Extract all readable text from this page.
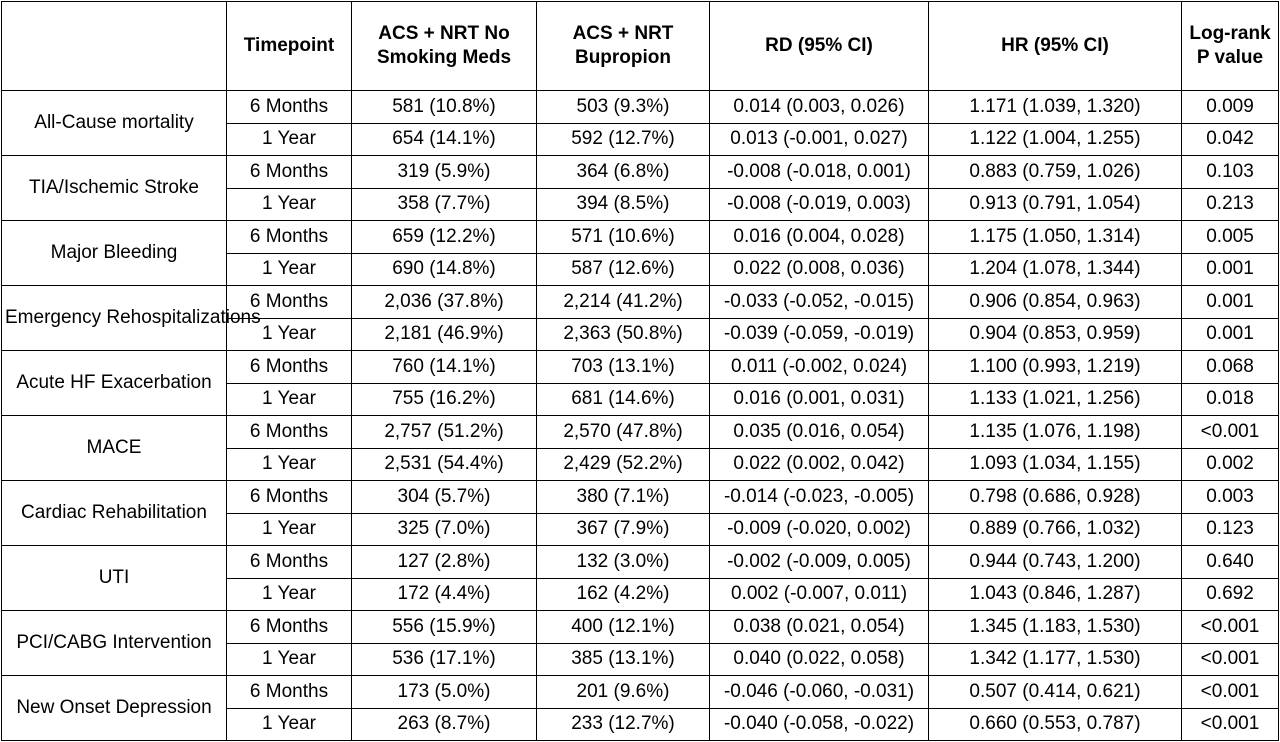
	Timepoint	ACS + NRT No Smoking Meds	ACS + NRT Bupropion	RD (95% CI)	HR (95% CI)	Log-rank P value
All-Cause mortality	6 Months	581 (10.8%)	503 (9.3%)	0.014 (0.003, 0.026)	1.171 (1.039, 1.320)	0.009
	1 Year	654 (14.1%)	592 (12.7%)	0.013 (-0.001, 0.027)	1.122 (1.004, 1.255)	0.042
TIA/Ischemic Stroke	6 Months	319 (5.9%)	364 (6.8%)	-0.008 (-0.018, 0.001)	0.883 (0.759, 1.026)	0.103
	1 Year	358 (7.7%)	394 (8.5%)	-0.008 (-0.019, 0.003)	0.913 (0.791, 1.054)	0.213
Major Bleeding	6 Months	659 (12.2%)	571 (10.6%)	0.016 (0.004, 0.028)	1.175 (1.050, 1.314)	0.005
	1 Year	690 (14.8%)	587 (12.6%)	0.022 (0.008, 0.036)	1.204 (1.078, 1.344)	0.001
Emergency Rehospitalizations	6 Months	2,036 (37.8%)	2,214 (41.2%)	-0.033 (-0.052, -0.015)	0.906 (0.854, 0.963)	0.001
	1 Year	2,181 (46.9%)	2,363 (50.8%)	-0.039 (-0.059, -0.019)	0.904 (0.853, 0.959)	0.001
Acute HF Exacerbation	6 Months	760 (14.1%)	703 (13.1%)	0.011 (-0.002, 0.024)	1.100 (0.993, 1.219)	0.068
	1 Year	755 (16.2%)	681 (14.6%)	0.016 (0.001, 0.031)	1.133 (1.021, 1.256)	0.018
MACE	6 Months	2,757 (51.2%)	2,570 (47.8%)	0.035 (0.016, 0.054)	1.135 (1.076, 1.198)	<0.001
	1 Year	2,531 (54.4%)	2,429 (52.2%)	0.022 (0.002, 0.042)	1.093 (1.034, 1.155)	0.002
Cardiac Rehabilitation	6 Months	304 (5.7%)	380 (7.1%)	-0.014 (-0.023, -0.005)	0.798 (0.686, 0.928)	0.003
	1 Year	325 (7.0%)	367 (7.9%)	-0.009 (-0.020, 0.002)	0.889 (0.766, 1.032)	0.123
UTI	6 Months	127 (2.8%)	132 (3.0%)	-0.002 (-0.009, 0.005)	0.944 (0.743, 1.200)	0.640
	1 Year	172 (4.4%)	162 (4.2%)	0.002 (-0.007, 0.011)	1.043 (0.846, 1.287)	0.692
PCI/CABG Intervention	6 Months	556 (15.9%)	400 (12.1%)	0.038 (0.021, 0.054)	1.345 (1.183, 1.530)	<0.001
	1 Year	536 (17.1%)	385 (13.1%)	0.040 (0.022, 0.058)	1.342 (1.177, 1.530)	<0.001
New Onset Depression	6 Months	173 (5.0%)	201 (9.6%)	-0.046 (-0.060, -0.031)	0.507 (0.414, 0.621)	<0.001
	1 Year	263 (8.7%)	233 (12.7%)	-0.040 (-0.058, -0.022)	0.660 (0.553, 0.787)	<0.001
